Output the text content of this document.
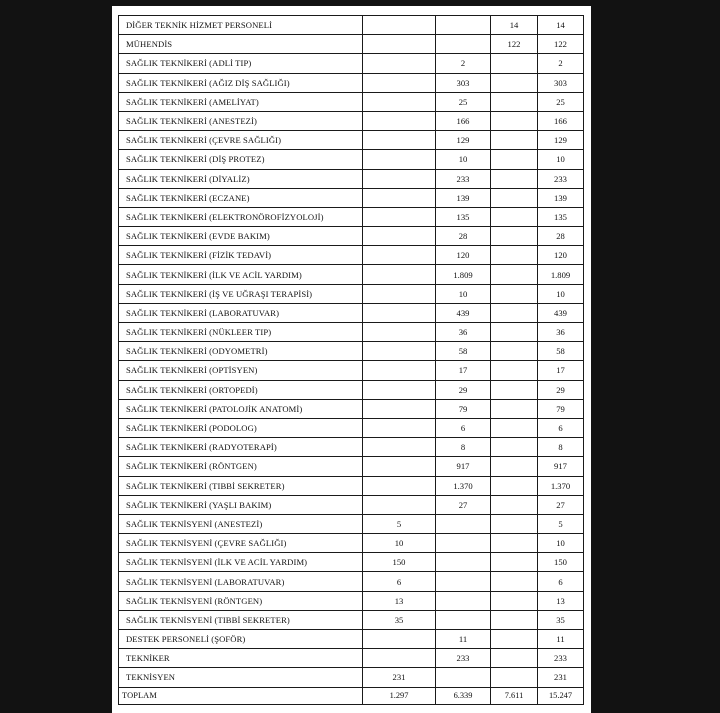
DİĞER TEKNİK HİZMET PERSONELİ			14	14
MÜHENDİS			122	122
SAĞLIK TEKNİKERİ (ADLİ TIP)		2		2
SAĞLIK TEKNİKERİ (AĞIZ DİŞ SAĞLIĞI)		303		303
SAĞLIK TEKNİKERİ (AMELİYAT)		25		25
SAĞLIK TEKNİKERİ (ANESTEZİ)		166		166
SAĞLIK TEKNİKERİ (ÇEVRE SAĞLIĞI)		129		129
SAĞLIK TEKNİKERİ (DİŞ PROTEZ)		10		10
SAĞLIK TEKNİKERİ (DİYALİZ)		233		233
SAĞLIK TEKNİKERİ (ECZANE)		139		139
SAĞLIK TEKNİKERİ (ELEKTRONÖROFİZYOLOJİ)		135		135
SAĞLIK TEKNİKERİ (EVDE BAKIM)		28		28
SAĞLIK TEKNİKERİ (FİZİK TEDAVİ)		120		120
SAĞLIK TEKNİKERİ (İLK VE ACİL YARDIM)		1.809		1.809
SAĞLIK TEKNİKERİ (İŞ VE UĞRAŞI TERAPİSİ)		10		10
SAĞLIK TEKNİKERİ (LABORATUVAR)		439		439
SAĞLIK TEKNİKERİ (NÜKLEER TIP)		36		36
SAĞLIK TEKNİKERİ (ODYOMETRİ)		58		58
SAĞLIK TEKNİKERİ (OPTİSYEN)		17		17
SAĞLIK TEKNİKERİ (ORTOPEDİ)		29		29
SAĞLIK TEKNİKERİ (PATOLOJİK ANATOMİ)		79		79
SAĞLIK TEKNİKERİ (PODOLOG)		6		6
SAĞLIK TEKNİKERİ (RADYOTERAPİ)		8		8
SAĞLIK TEKNİKERİ (RÖNTGEN)		917		917
SAĞLIK TEKNİKERİ (TIBBİ SEKRETER)		1.370		1.370
SAĞLIK TEKNİKERİ (YAŞLI BAKIM)		27		27
SAĞLIK TEKNİSYENİ (ANESTEZİ)	5			5
SAĞLIK TEKNİSYENİ (ÇEVRE SAĞLIĞI)	10			10
SAĞLIK TEKNİSYENİ (İLK VE ACİL YARDIM)	150			150
SAĞLIK TEKNİSYENİ (LABORATUVAR)	6			6
SAĞLIK TEKNİSYENİ (RÖNTGEN)	13			13
SAĞLIK TEKNİSYENİ (TIBBİ SEKRETER)	35			35
DESTEK PERSONELİ (ŞOFÖR)		11		11
TEKNİKER		233		233
TEKNİSYEN	231			231
TOPLAM	1.297	6.339	7.611	15.247
